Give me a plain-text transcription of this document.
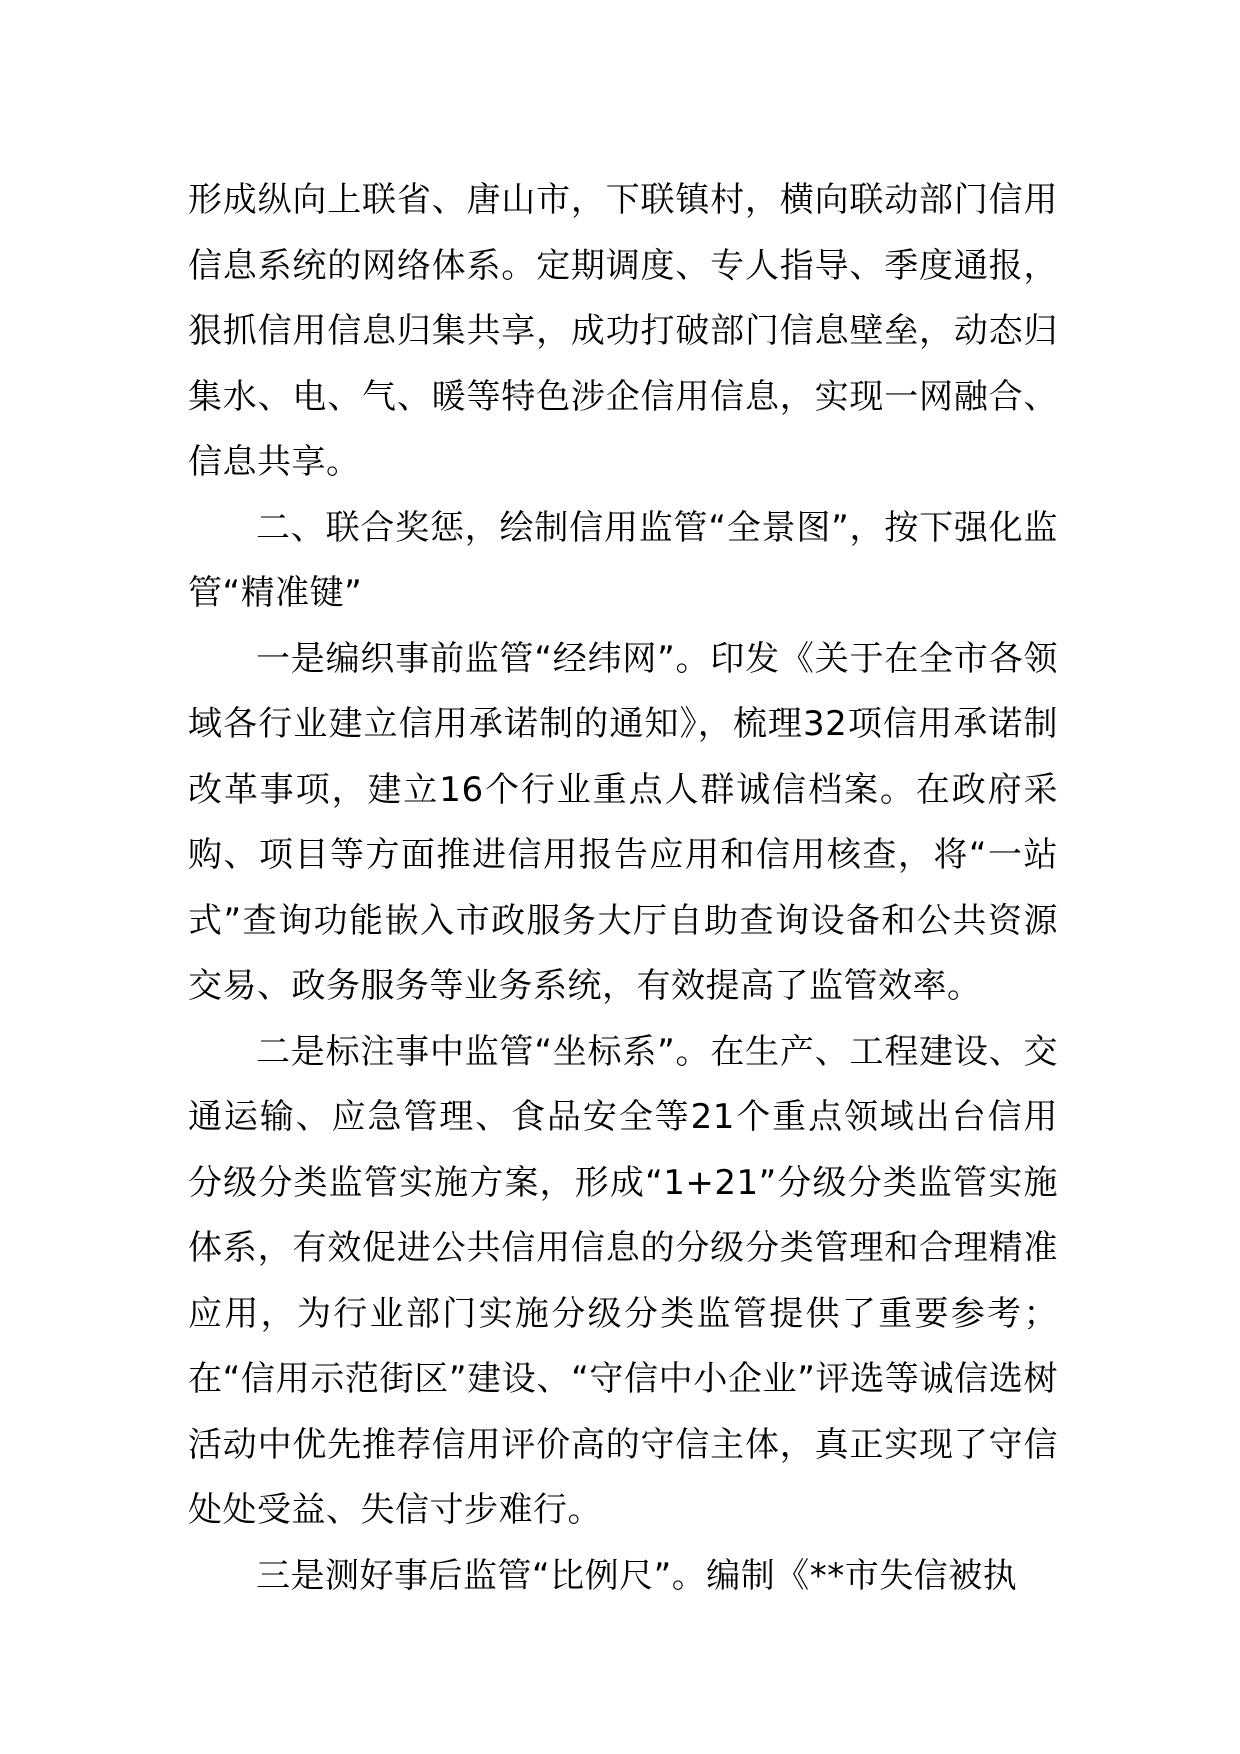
形成纵向上联省、唐山市，下联镇村，横向联动部门信用信息系统的网络体系。定期调度、专人指导、季度通报，狠抓信用信息归集共享，成功打破部门信息壁垒，动态归集水、电、气、暖等特色涉企信用信息，实现一网融合、信息共享。

二、联合奖惩，绘制信用监管“全景图”，按下强化监管“精准键”

一是编织事前监管“经纬网”。印发《关于在全市各领域各行业建立信用承诺制的通知》，梳理32项信用承诺制改革事项，建立16个行业重点人群诚信档案。在政府采购、项目等方面推进信用报告应用和信用核查，将“一站式”查询功能嵌入市政服务大厅自助查询设备和公共资源交易、政务服务等业务系统，有效提高了监管效率。

二是标注事中监管“坐标系”。在生产、工程建设、交通运输、应急管理、食品安全等21个重点领域出台信用分级分类监管实施方案，形成“1+21”分级分类监管实施体系，有效促进公共信用信息的分级分类管理和合理精准应用，为行业部门实施分级分类监管提供了重要参考；在“信用示范街区”建设、“守信中小企业”评选等诚信选树活动中优先推荐信用评价高的守信主体，真正实现了守信处处受益、失信寸步难行。

三是测好事后监管“比例尺”。编制《**市失信被执
